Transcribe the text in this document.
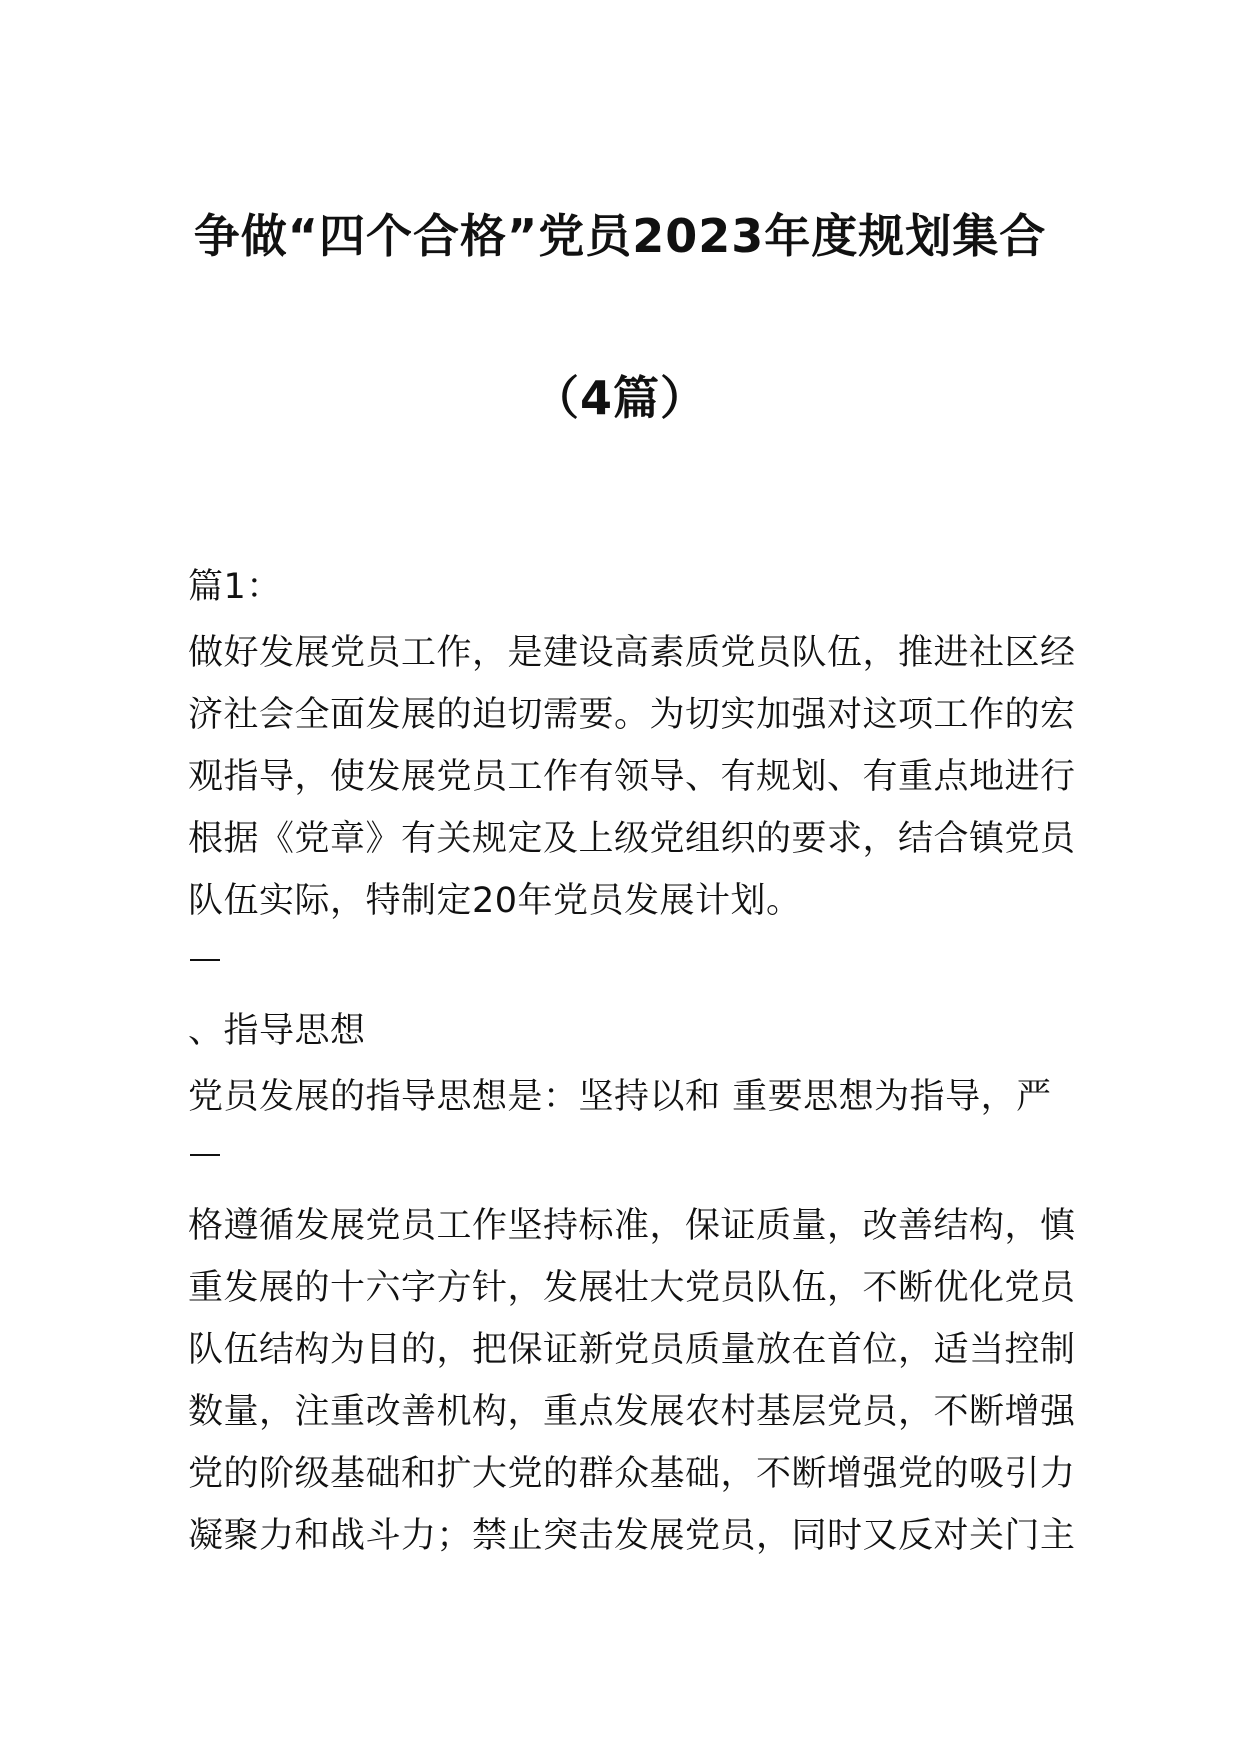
争做“四个合格”党员2023年度规划集合
（4篇）
篇1：
做好发展党员工作，是建设高素质党员队伍，推进社区经
济社会全面发展的迫切需要。为切实加强对这项工作的宏
观指导，使发展党员工作有领导、有规划、有重点地进行
根据《党章》有关规定及上级党组织的要求，结合镇党员
队伍实际，特制定20年党员发展计划。
、指导思想
党员发展的指导思想是：坚持以和 重要思想为指导，严
格遵循发展党员工作坚持标准，保证质量，改善结构，慎
重发展的十六字方针，发展壮大党员队伍，不断优化党员
队伍结构为目的，把保证新党员质量放在首位，适当控制
数量，注重改善机构，重点发展农村基层党员，不断增强
党的阶级基础和扩大党的群众基础，不断增强党的吸引力
凝聚力和战斗力；禁止突击发展党员，同时又反对关门主
